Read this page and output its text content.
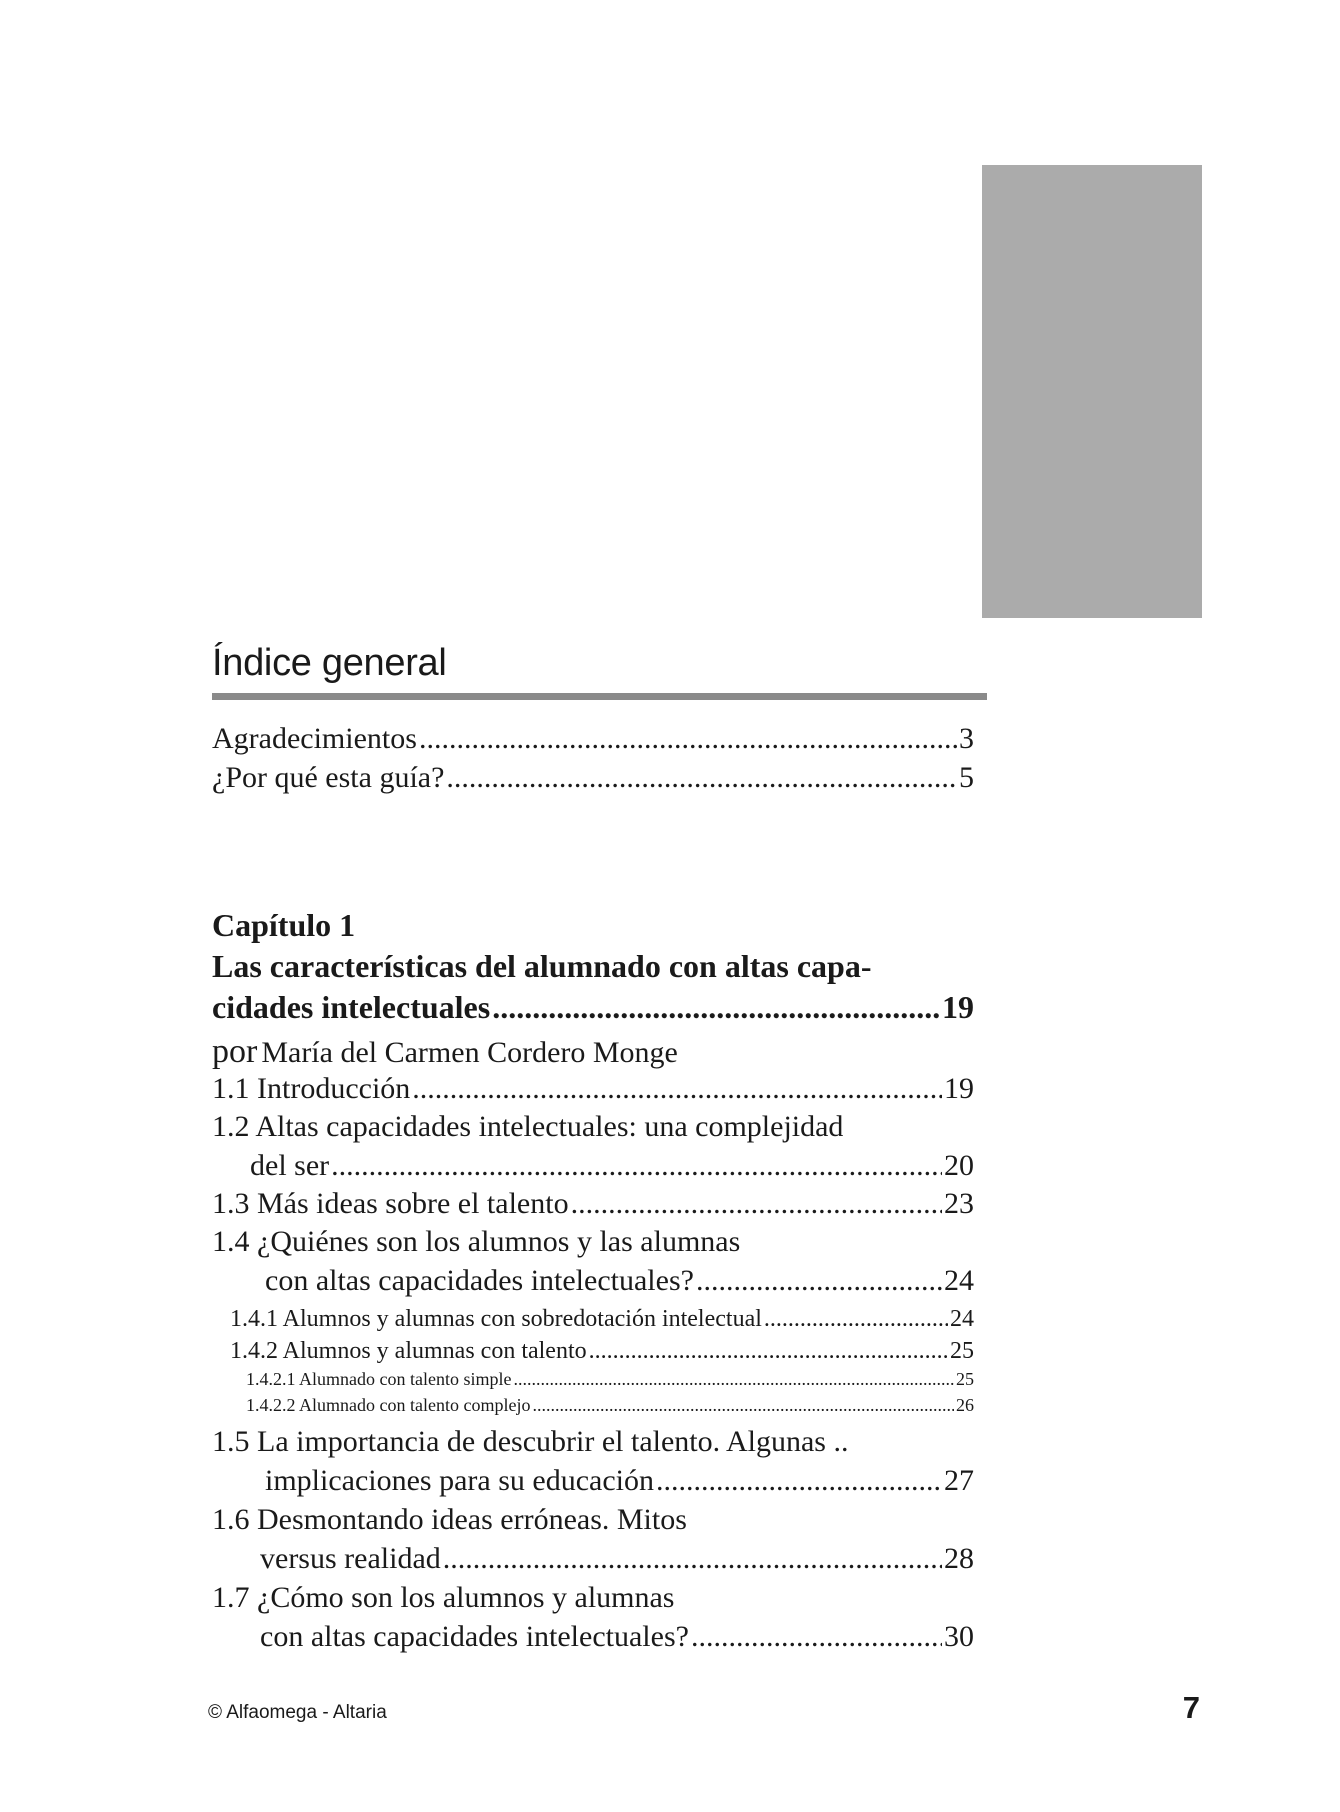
Índice general
Agradecimientos .....	3
¿Por qué esta guía? .....	5
Capítulo 1
Las características del alumnado con altas capa-
cidades intelectuales .....	19
por María del Carmen Cordero Monge
1.1 Introducción .....	19
1.2 Altas capacidades intelectuales: una complejidad
del ser .....	20
1.3 Más ideas sobre el talento .....	23
1.4 ¿Quiénes son los alumnos y las alumnas
con altas capacidades intelectuales? .....	24
1.4.1 Alumnos y alumnas con sobredotación intelectual .....	24
1.4.2 Alumnos y alumnas con talento .....	25
1.4.2.1 Alumnado con talento simple .....	25
1.4.2.2 Alumnado con talento complejo .....	26
1.5 La importancia de descubrir el talento. Algunas ..
implicaciones para su educación .....	27
1.6 Desmontando ideas erróneas. Mitos
versus realidad .....	28
1.7 ¿Cómo son los alumnos y alumnas
con altas capacidades intelectuales? .....	30
© Alfaomega - Altaria	7
